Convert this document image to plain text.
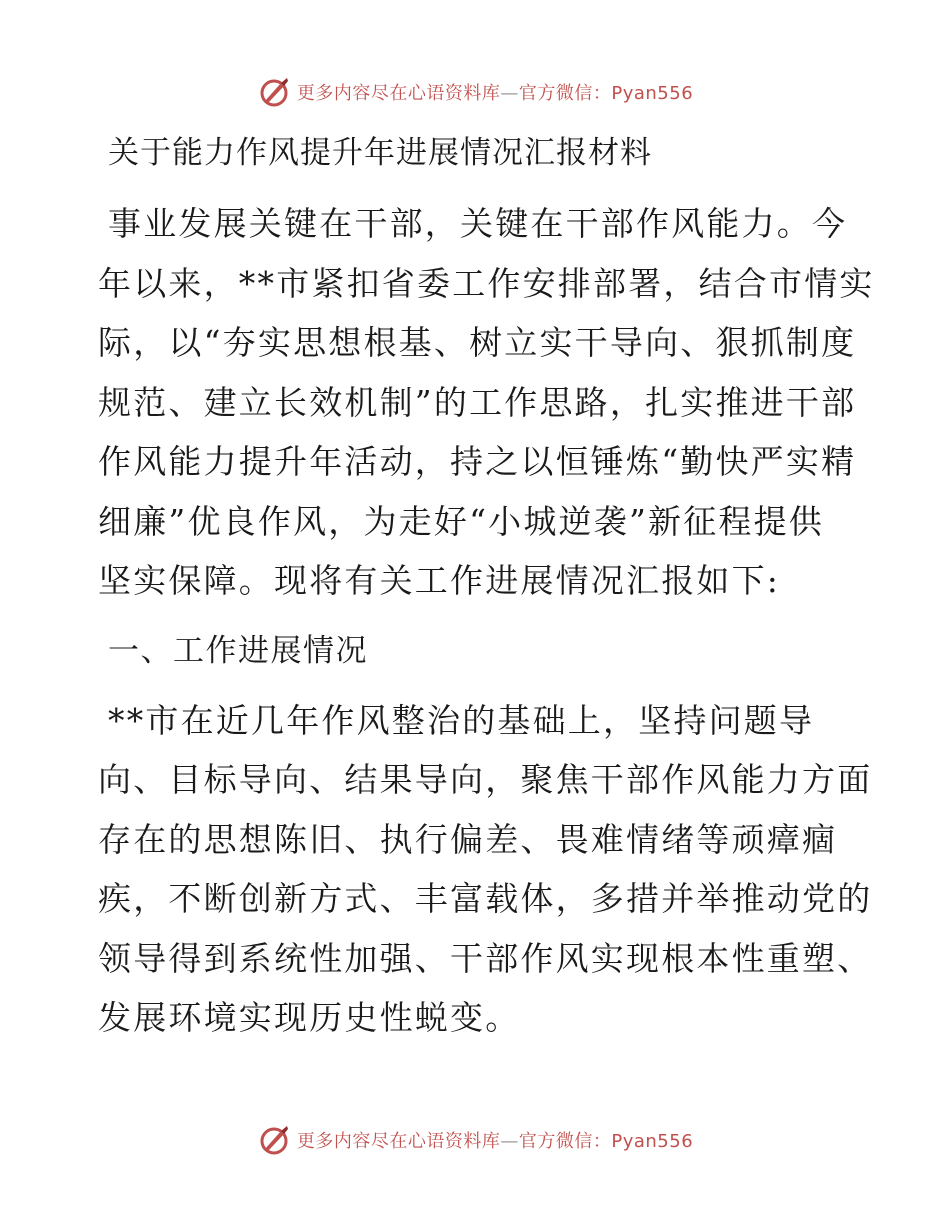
更多内容尽在心语资料库—官方微信：Pyan556
关于能力作风提升年进展情况汇报材料
事业发展关键在干部，关键在干部作风能力。今
年以来，**市紧扣省委工作安排部署，结合市情实
际，以“夯实思想根基、树立实干导向、狠抓制度
规范、建立长效机制”的工作思路，扎实推进干部
作风能力提升年活动，持之以恒锤炼“勤快严实精
细廉”优良作风，为走好“小城逆袭”新征程提供
坚实保障。现将有关工作进展情况汇报如下:
一、工作进展情况
**市在近几年作风整治的基础上，坚持问题导
向、目标导向、结果导向，聚焦干部作风能力方面
存在的思想陈旧、执行偏差、畏难情绪等顽瘴痼
疾，不断创新方式、丰富载体，多措并举推动党的
领导得到系统性加强、干部作风实现根本性重塑、
发展环境实现历史性蜕变。
更多内容尽在心语资料库—官方微信：Pyan556
